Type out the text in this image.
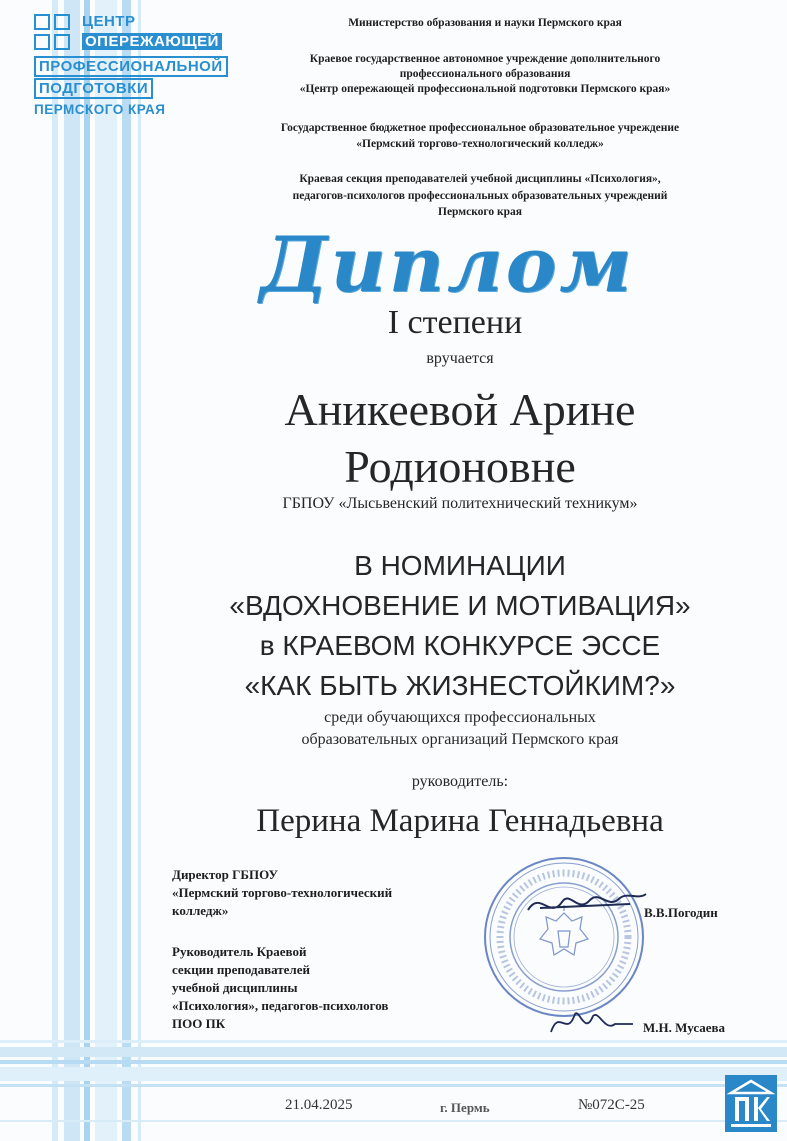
ЦЕНТР
ОПЕРЕЖАЮЩЕЙ
ПРОФЕССИОНАЛЬНОЙ
ПОДГОТОВКИ
ПЕРМСКОГО КРАЯ
Министерство образования и науки Пермского края
Краевое государственное автономное учреждение дополнительного
профессионального образования
«Центр опережающей профессиональной подготовки Пермского края»
Государственное бюджетное профессиональное образовательное учреждение
«Пермский торгово-технологический колледж»
Краевая секция преподавателей учебной дисциплины «Психология»,
педагогов-психологов профессиональных образовательных учреждений
Пермского края
Диплом
I степени
вручается
Аникеевой Арине
Родионовне
ГБПОУ «Лысьвенский политехнический техникум»
В НОМИНАЦИИ
«ВДОХНОВЕНИЕ И МОТИВАЦИЯ»
в КРАЕВОМ КОНКУРСЕ ЭССЕ
«КАК БЫТЬ ЖИЗНЕСТОЙКИМ?»
среди обучающихся профессиональных
образовательных организаций Пермского края
руководитель:
Перина Марина Геннадьевна
Директор ГБПОУ
«Пермский торгово-технологический
колледж»	В.В.Погодин
Руководитель Краевой
секции преподавателей
учебной дисциплины
«Психология», педагогов-психологов
ПОО ПК	М.Н. Мусаева
21.04.2025	г. Пермь	№072С-25
